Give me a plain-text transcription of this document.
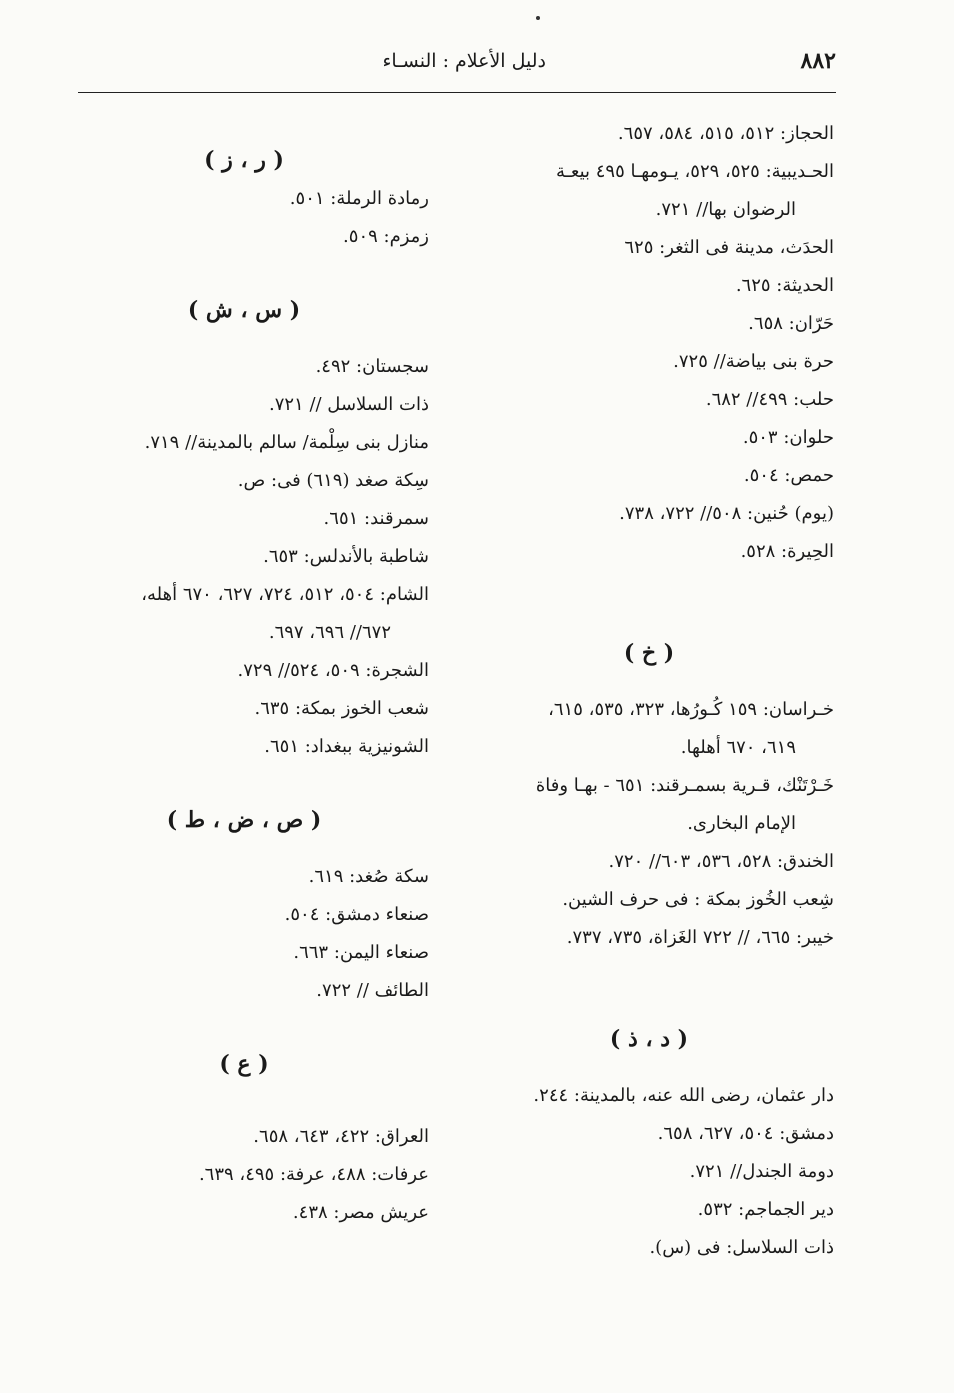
٨٨٢
دليل الأعلام : النسـاء
الحجاز: ٥١٢، ٥١٥، ٥٨٤، ٦٥٧.
الحـديبية: ٥٢٥، ٥٢٩، يـومهـا ٤٩٥ بيعـة
الرضوان بها// ٧٢١.
الحدَث، مدينة فى الثغر: ٦٢٥
الحديثة: ٦٢٥.
حَرّان: ٦٥٨.
حرة بنى بياضة// ٧٢٥.
حلب: ٤٩٩// ٦٨٢.
حلوان: ٥٠٣.
حمص: ٥٠٤.
(يوم) حُنين: ٥٠٨// ٧٢٢، ٧٣٨.
الحِيرة: ٥٢٨.
( خ )
خـراسان: ١٥٩ كُـورُها، ٣٢٣، ٥٣٥، ٦١٥،
٦١٩، ٦٧٠ أهلها.
خَـرْتَنْك، قـرية بسمـرقند: ٦٥١ - بهـا وفاة
الإمام البخارى.
الخندق: ٥٢٨، ٥٣٦، ٦٠٣// ٧٢٠.
شِعب الخُوز بمكة : فى حرف الشين.
خيبر: ٦٦٥، // ٧٢٢ الغَزاة، ٧٣٥، ٧٣٧.
( د ، ذ )
دار عثمان، رضى الله عنه، بالمدينة: ٢٤٤.
دمشق: ٥٠٤، ٦٢٧، ٦٥٨.
دومة الجندل// ٧٢١.
دير الجماجم: ٥٣٢.
ذات السلاسل: فى (س).
( ر ، ز )
رمادة الرملة: ٥٠١.
زمزم: ٥٠٩.
( س ، ش )
سجستان: ٤٩٢.
ذات السلاسل // ٧٢١.
منازل بنى سِلْمة/ سالم بالمدينة// ٧١٩.
سِكة صغد (٦١٩) فى: ص.
سمرقند: ٦٥١.
شاطبة بالأندلس: ٦٥٣.
الشام: ٥٠٤، ٥١٢، ٧٢٤، ٦٢٧، ٦٧٠ أهله،
٦٧٢// ٦٩٦، ٦٩٧.
الشجرة: ٥٠٩، ٥٢٤// ٧٢٩.
شعب الخوز بمكة: ٦٣٥.
الشونيزية ببغداد: ٦٥١.
( ص ، ض ، ط )
سكة صُغد: ٦١٩.
صنعاء دمشق: ٥٠٤.
صنعاء اليمن: ٦٦٣.
الطائف // ٧٢٢.
( ع )
العراق: ٤٢٢، ٦٤٣، ٦٥٨.
عرفات: ٤٨٨، عرفة: ٤٩٥، ٦٣٩.
عريش مصر: ٤٣٨.
